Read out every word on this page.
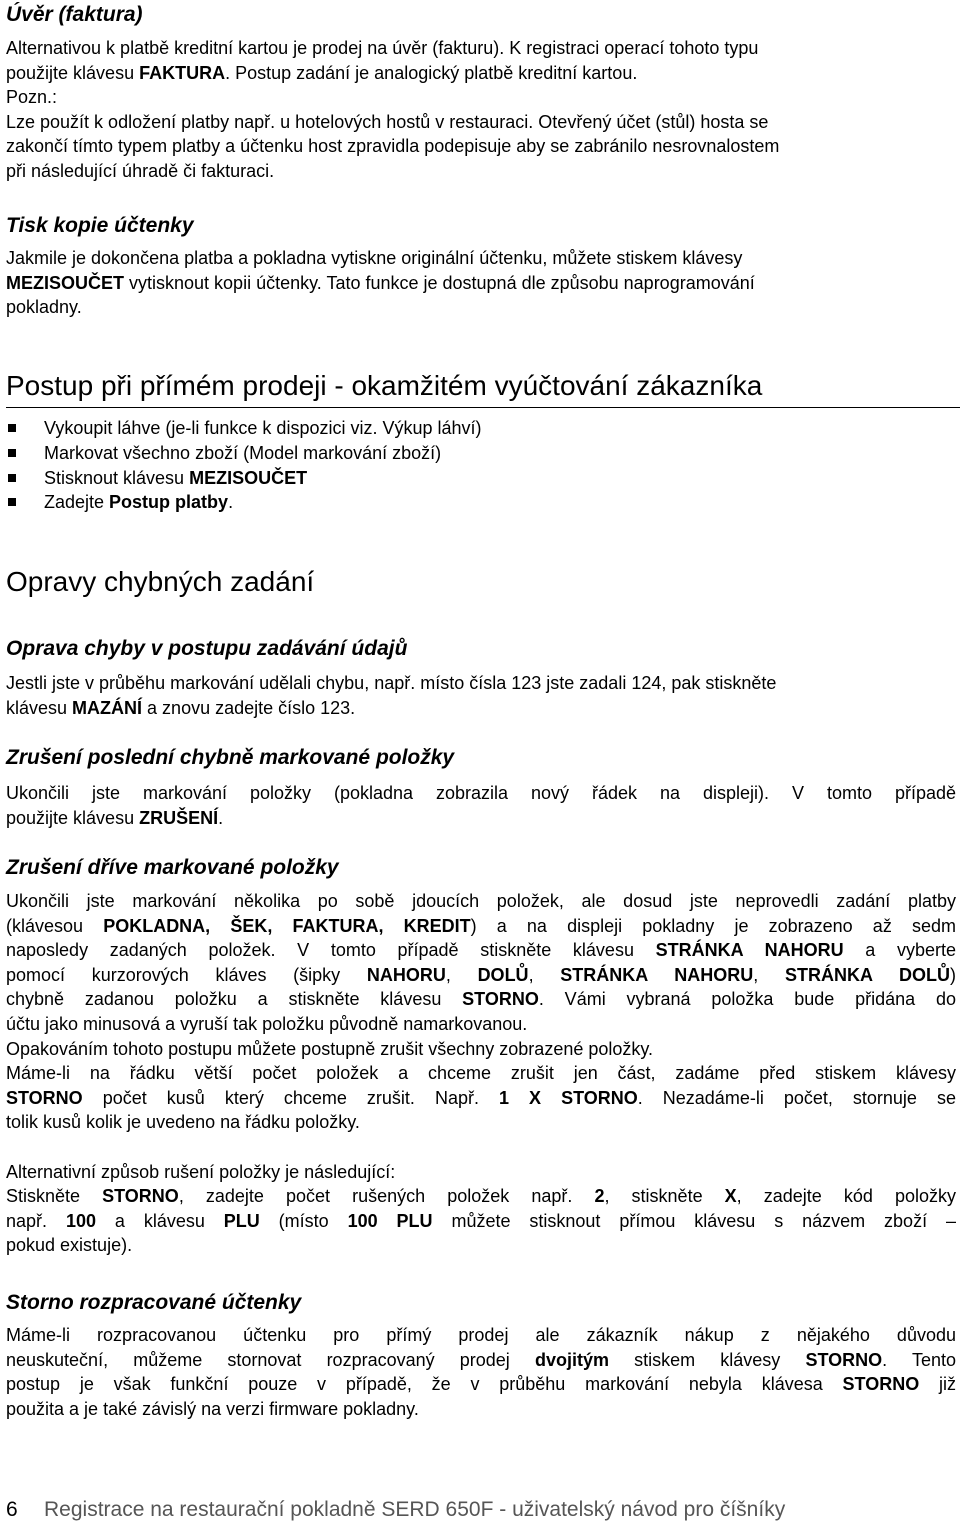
Úvěr (faktura)

Alternativou k platbě kreditní kartou je prodej na úvěr (fakturu). K registraci operací tohoto typu

použijte klávesu FAKTURA. Postup zadání je analogický platbě kreditní kartou.

Pozn.:

Lze použít k odložení platby např. u hotelových hostů v restauraci. Otevřený účet (stůl) hosta se

zakončí tímto typem platby a účtenku host zpravidla podepisuje aby se zabránilo nesrovnalostem

při následující úhradě či fakturaci.

Tisk kopie účtenky

Jakmile je dokončena platba a pokladna vytiskne originální účtenku, můžete stiskem klávesy

MEZISOUČET vytisknout kopii účtenky. Tato funkce je dostupná dle způsobu naprogramování

pokladny.

Postup při přímém prodeji - okamžitém vyúčtování zákazníka
Vykoupit láhve (je-li funkce k dispozici viz. Výkup láhví)
Markovat všechno zboží (Model markování zboží)
Stisknout klávesu MEZISOUČET
Zadejte Postup platby.
Opravy chybných zadání
Oprava chyby v postupu zadávání údajů

Jestli jste v průběhu markování udělali chybu, např. místo čísla 123 jste zadali 124, pak stiskněte

klávesu MAZÁNÍ a znovu zadejte číslo 123.

Zrušení poslední chybně markované položky

Ukončili jste markování položky (pokladna zobrazila nový řádek na displeji). V tomto případě

použijte klávesu ZRUŠENÍ.

Zrušení dříve markované položky

Ukončili jste markování několika po sobě jdoucích položek, ale dosud jste neprovedli zadání platby

(klávesou POKLADNA, ŠEK, FAKTURA, KREDIT) a na displeji pokladny je zobrazeno až sedm

naposledy zadaných položek. V tomto případě stiskněte klávesu STRÁNKA NAHORU a vyberte

pomocí kurzorových kláves (šipky NAHORU, DOLŮ, STRÁNKA NAHORU, STRÁNKA DOLŮ)

chybně zadanou položku a stiskněte klávesu STORNO. Vámi vybraná položka bude přidána do

účtu jako minusová a vyruší tak položku původně namarkovanou.

Opakováním tohoto postupu můžete postupně zrušit všechny zobrazené položky.

Máme-li na řádku větší počet položek a chceme zrušit jen část, zadáme před stiskem klávesy

STORNO počet kusů který chceme zrušit. Např. 1 X STORNO. Nezadáme-li počet, stornuje se

tolik kusů kolik je uvedeno na řádku položky.

Alternativní způsob rušení položky je následující:

Stiskněte STORNO, zadejte počet rušených položek např. 2, stiskněte X, zadejte kód položky

např. 100 a klávesu PLU (místo 100 PLU můžete stisknout přímou klávesu s názvem zboží –

pokud existuje).

Storno rozpracované účtenky

Máme-li rozpracovanou účtenku pro přímý prodej ale zákazník nákup z nějakého důvodu

neuskuteční, můžeme stornovat rozpracovaný prodej dvojitým stiskem klávesy STORNO. Tento

postup je však funkční pouze v případě, že v průběhu markování nebyla klávesa STORNO již

použita a je také závislý na verzi firmware pokladny.

6 Registrace na restaurační pokladně SERD 650F - uživatelský návod pro číšníky
